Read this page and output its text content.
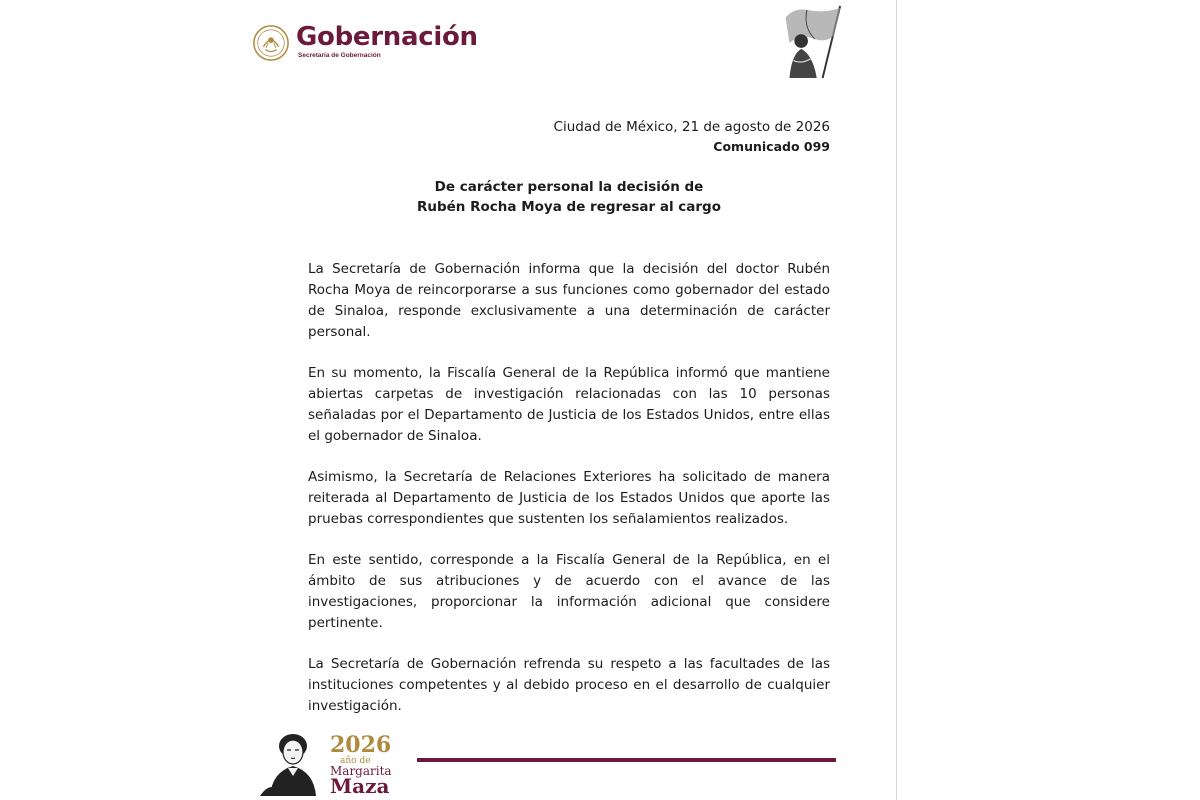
Gobernación
Secretaría de Gobernación
Ciudad de México, 21 de agosto de 2026
Comunicado 099
De carácter personal la decisión de
Rubén Rocha Moya de regresar al cargo

La Secretaría de Gobernación informa que la decisión del doctor Rubén Rocha Moya de reincorporarse a sus funciones como gobernador del estado de Sinaloa, responde exclusivamente a una determinación de carácter personal.

En su momento, la Fiscalía General de la República informó que mantiene abiertas carpetas de investigación relacionadas con las 10 personas señaladas por el Departamento de Justicia de los Estados Unidos, entre ellas el gobernador de Sinaloa.

Asimismo, la Secretaría de Relaciones Exteriores ha solicitado de manera reiterada al Departamento de Justicia de los Estados Unidos que aporte las pruebas correspondientes que sustenten los señalamientos realizados.

En este sentido, corresponde a la Fiscalía General de la República, en el ámbito de sus atribuciones y de acuerdo con el avance de las investigaciones, proporcionar la información adicional que considere pertinente.

La Secretaría de Gobernación refrenda su respeto a las facultades de las instituciones competentes y al debido proceso en el desarrollo de cualquier investigación.

2026
año de
Margarita
Maza
